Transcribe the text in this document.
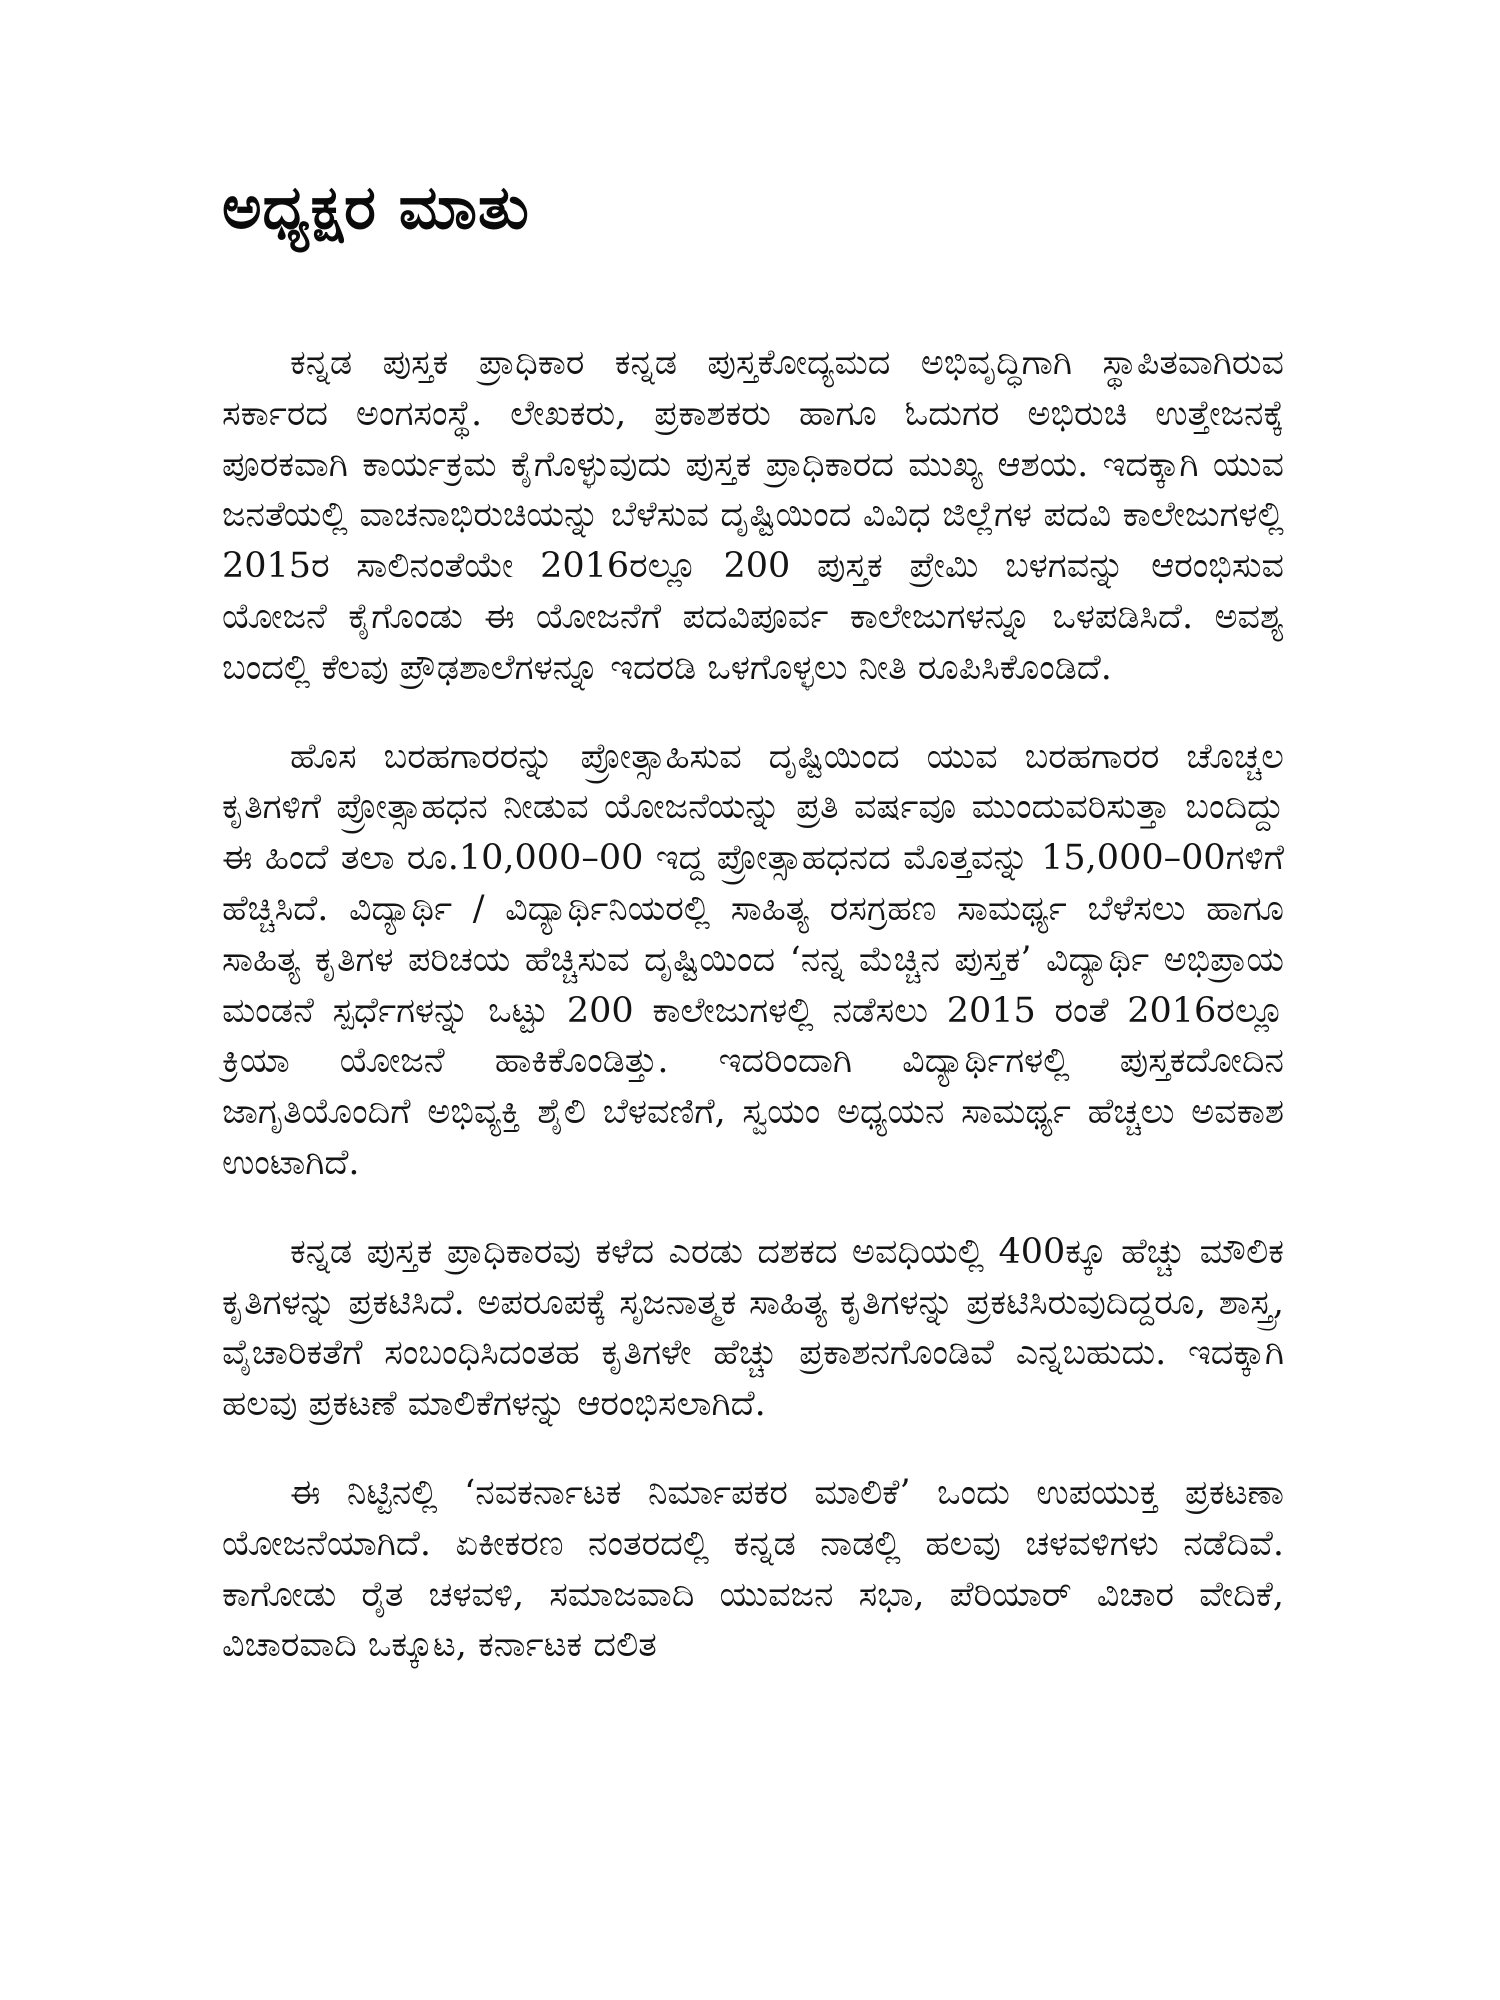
ಅಧ್ಯಕ್ಷರ ಮಾತು

ಕನ್ನಡ ಪುಸ್ತಕ ಪ್ರಾಧಿಕಾರ ಕನ್ನಡ ಪುಸ್ತಕೋದ್ಯಮದ ಅಭಿವೃದ್ಧಿಗಾಗಿ ಸ್ಥಾಪಿತವಾಗಿರುವ ಸರ್ಕಾರದ ಅಂಗಸಂಸ್ಥೆ. ಲೇಖಕರು, ಪ್ರಕಾಶಕರು ಹಾಗೂ ಓದುಗರ ಅಭಿರುಚಿ ಉತ್ತೇಜನಕ್ಕೆ ಪೂರಕವಾಗಿ ಕಾರ್ಯಕ್ರಮ ಕೈಗೊಳ್ಳುವುದು ಪುಸ್ತಕ ಪ್ರಾಧಿಕಾರದ ಮುಖ್ಯ ಆಶಯ. ಇದಕ್ಕಾಗಿ ಯುವ ಜನತೆಯಲ್ಲಿ ವಾಚನಾಭಿರುಚಿಯನ್ನು ಬೆಳೆಸುವ ದೃಷ್ಟಿಯಿಂದ ವಿವಿಧ ಜಿಲ್ಲೆಗಳ ಪದವಿ ಕಾಲೇಜುಗಳಲ್ಲಿ 2015ರ ಸಾಲಿನಂತೆಯೇ 2016ರಲ್ಲೂ 200 ಪುಸ್ತಕ ಪ್ರೇಮಿ ಬಳಗವನ್ನು ಆರಂಭಿಸುವ ಯೋಜನೆ ಕೈಗೊಂಡು ಈ ಯೋಜನೆಗೆ ಪದವಿಪೂರ್ವ ಕಾಲೇಜುಗಳನ್ನೂ ಒಳಪಡಿಸಿದೆ. ಅವಶ್ಯ ಬಂದಲ್ಲಿ ಕೆಲವು ಪ್ರೌಢಶಾಲೆಗಳನ್ನೂ ಇದರಡಿ ಒಳಗೊಳ್ಳಲು ನೀತಿ ರೂಪಿಸಿಕೊಂಡಿದೆ.

ಹೊಸ ಬರಹಗಾರರನ್ನು ಪ್ರೋತ್ಸಾಹಿಸುವ ದೃಷ್ಟಿಯಿಂದ ಯುವ ಬರಹಗಾರರ ಚೊಚ್ಚಲ ಕೃತಿಗಳಿಗೆ ಪ್ರೋತ್ಸಾಹಧನ ನೀಡುವ ಯೋಜನೆಯನ್ನು ಪ್ರತಿ ವರ್ಷವೂ ಮುಂದುವರಿಸುತ್ತಾ ಬಂದಿದ್ದು ಈ ಹಿಂದೆ ತಲಾ ರೂ.10,000–00 ಇದ್ದ ಪ್ರೋತ್ಸಾಹಧನದ ಮೊತ್ತವನ್ನು 15,000–00ಗಳಿಗೆ ಹೆಚ್ಚಿಸಿದೆ. ವಿದ್ಯಾರ್ಥಿ / ವಿದ್ಯಾರ್ಥಿನಿಯರಲ್ಲಿ ಸಾಹಿತ್ಯ ರಸಗ್ರಹಣ ಸಾಮರ್ಥ್ಯ ಬೆಳೆಸಲು ಹಾಗೂ ಸಾಹಿತ್ಯ ಕೃತಿಗಳ ಪರಿಚಯ ಹೆಚ್ಚಿಸುವ ದೃಷ್ಟಿಯಿಂದ ‘ನನ್ನ ಮೆಚ್ಚಿನ ಪುಸ್ತಕ’ ವಿದ್ಯಾರ್ಥಿ ಅಭಿಪ್ರಾಯ ಮಂಡನೆ ಸ್ಪರ್ಧೆಗಳನ್ನು ಒಟ್ಟು 200 ಕಾಲೇಜುಗಳಲ್ಲಿ ನಡೆಸಲು 2015 ರಂತೆ 2016ರಲ್ಲೂ ಕ್ರಿಯಾ ಯೋಜನೆ ಹಾಕಿಕೊಂಡಿತ್ತು. ಇದರಿಂದಾಗಿ ವಿದ್ಯಾರ್ಥಿಗಳಲ್ಲಿ ಪುಸ್ತಕದೋದಿನ ಜಾಗೃತಿಯೊಂದಿಗೆ ಅಭಿವ್ಯಕ್ತಿ ಶೈಲಿ ಬೆಳವಣಿಗೆ, ಸ್ವಯಂ ಅಧ್ಯಯನ ಸಾಮರ್ಥ್ಯ ಹೆಚ್ಚಲು ಅವಕಾಶ ಉಂಟಾಗಿದೆ.

ಕನ್ನಡ ಪುಸ್ತಕ ಪ್ರಾಧಿಕಾರವು ಕಳೆದ ಎರಡು ದಶಕದ ಅವಧಿಯಲ್ಲಿ 400ಕ್ಕೂ ಹೆಚ್ಚು ಮೌಲಿಕ ಕೃತಿಗಳನ್ನು ಪ್ರಕಟಿಸಿದೆ. ಅಪರೂಪಕ್ಕೆ ಸೃಜನಾತ್ಮಕ ಸಾಹಿತ್ಯ ಕೃತಿಗಳನ್ನು ಪ್ರಕಟಿಸಿರುವುದಿದ್ದರೂ, ಶಾಸ್ತ್ರ, ವೈಚಾರಿಕತೆಗೆ ಸಂಬಂಧಿಸಿದಂತಹ ಕೃತಿಗಳೇ ಹೆಚ್ಚು ಪ್ರಕಾಶನಗೊಂಡಿವೆ ಎನ್ನಬಹುದು. ಇದಕ್ಕಾಗಿ ಹಲವು ಪ್ರಕಟಣೆ ಮಾಲಿಕೆಗಳನ್ನು ಆರಂಭಿಸಲಾಗಿದೆ.

ಈ ನಿಟ್ಟಿನಲ್ಲಿ ‘ನವಕರ್ನಾಟಕ ನಿರ್ಮಾಪಕರ ಮಾಲಿಕೆ’ ಒಂದು ಉಪಯುಕ್ತ ಪ್ರಕಟಣಾ ಯೋಜನೆಯಾಗಿದೆ. ಏಕೀಕರಣ ನಂತರದಲ್ಲಿ ಕನ್ನಡ ನಾಡಲ್ಲಿ ಹಲವು ಚಳವಳಿಗಳು ನಡೆದಿವೆ. ಕಾಗೋಡು ರೈತ ಚಳವಳಿ, ಸಮಾಜವಾದಿ ಯುವಜನ ಸಭಾ, ಪೆರಿಯಾರ್ ವಿಚಾರ ವೇದಿಕೆ, ವಿಚಾರವಾದಿ ಒಕ್ಕೂಟ, ಕರ್ನಾಟಕ ದಲಿತ
